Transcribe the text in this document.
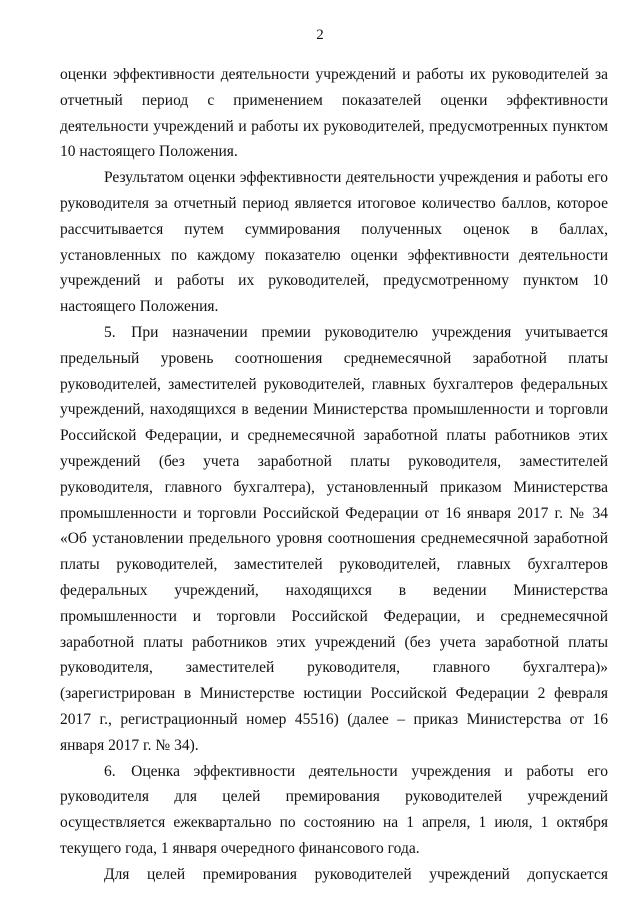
2

оценки эффективности деятельности учреждений и работы их руководителей за отчетный период с применением показателей оценки эффективности деятельности учреждений и работы их руководителей, предусмотренных пунктом 10 настоящего Положения.

Результатом оценки эффективности деятельности учреждения и работы его руководителя за отчетный период является итоговое количество баллов, которое рассчитывается путем суммирования полученных оценок в баллах, установленных по каждому показателю оценки эффективности деятельности учреждений и работы их руководителей, предусмотренному пунктом 10 настоящего Положения.

5. При назначении премии руководителю учреждения учитывается предельный уровень соотношения среднемесячной заработной платы руководителей, заместителей руководителей, главных бухгалтеров федеральных учреждений, находящихся в ведении Министерства промышленности и торговли Российской Федерации, и среднемесячной заработной платы работников этих учреждений (без учета заработной платы руководителя, заместителей руководителя, главного бухгалтера), установленный приказом Министерства промышленности и торговли Российской Федерации от 16 января 2017 г. № 34 «Об установлении предельного уровня соотношения среднемесячной заработной платы руководителей, заместителей руководителей, главных бухгалтеров федеральных учреждений, находящихся в ведении Министерства промышленности и торговли Российской Федерации, и среднемесячной заработной платы работников этих учреждений (без учета заработной платы руководителя, заместителей руководителя, главного бухгалтера)» (зарегистрирован в Министерстве юстиции Российской Федерации 2 февраля 2017 г., регистрационный номер 45516) (далее – приказ Министерства от 16 января 2017 г. № 34).

6. Оценка эффективности деятельности учреждения и работы его руководителя для целей премирования руководителей учреждений осуществляется ежеквартально по состоянию на 1 апреля, 1 июля, 1 октября текущего года, 1 января очередного финансового года.

Для целей премирования руководителей учреждений допускается
